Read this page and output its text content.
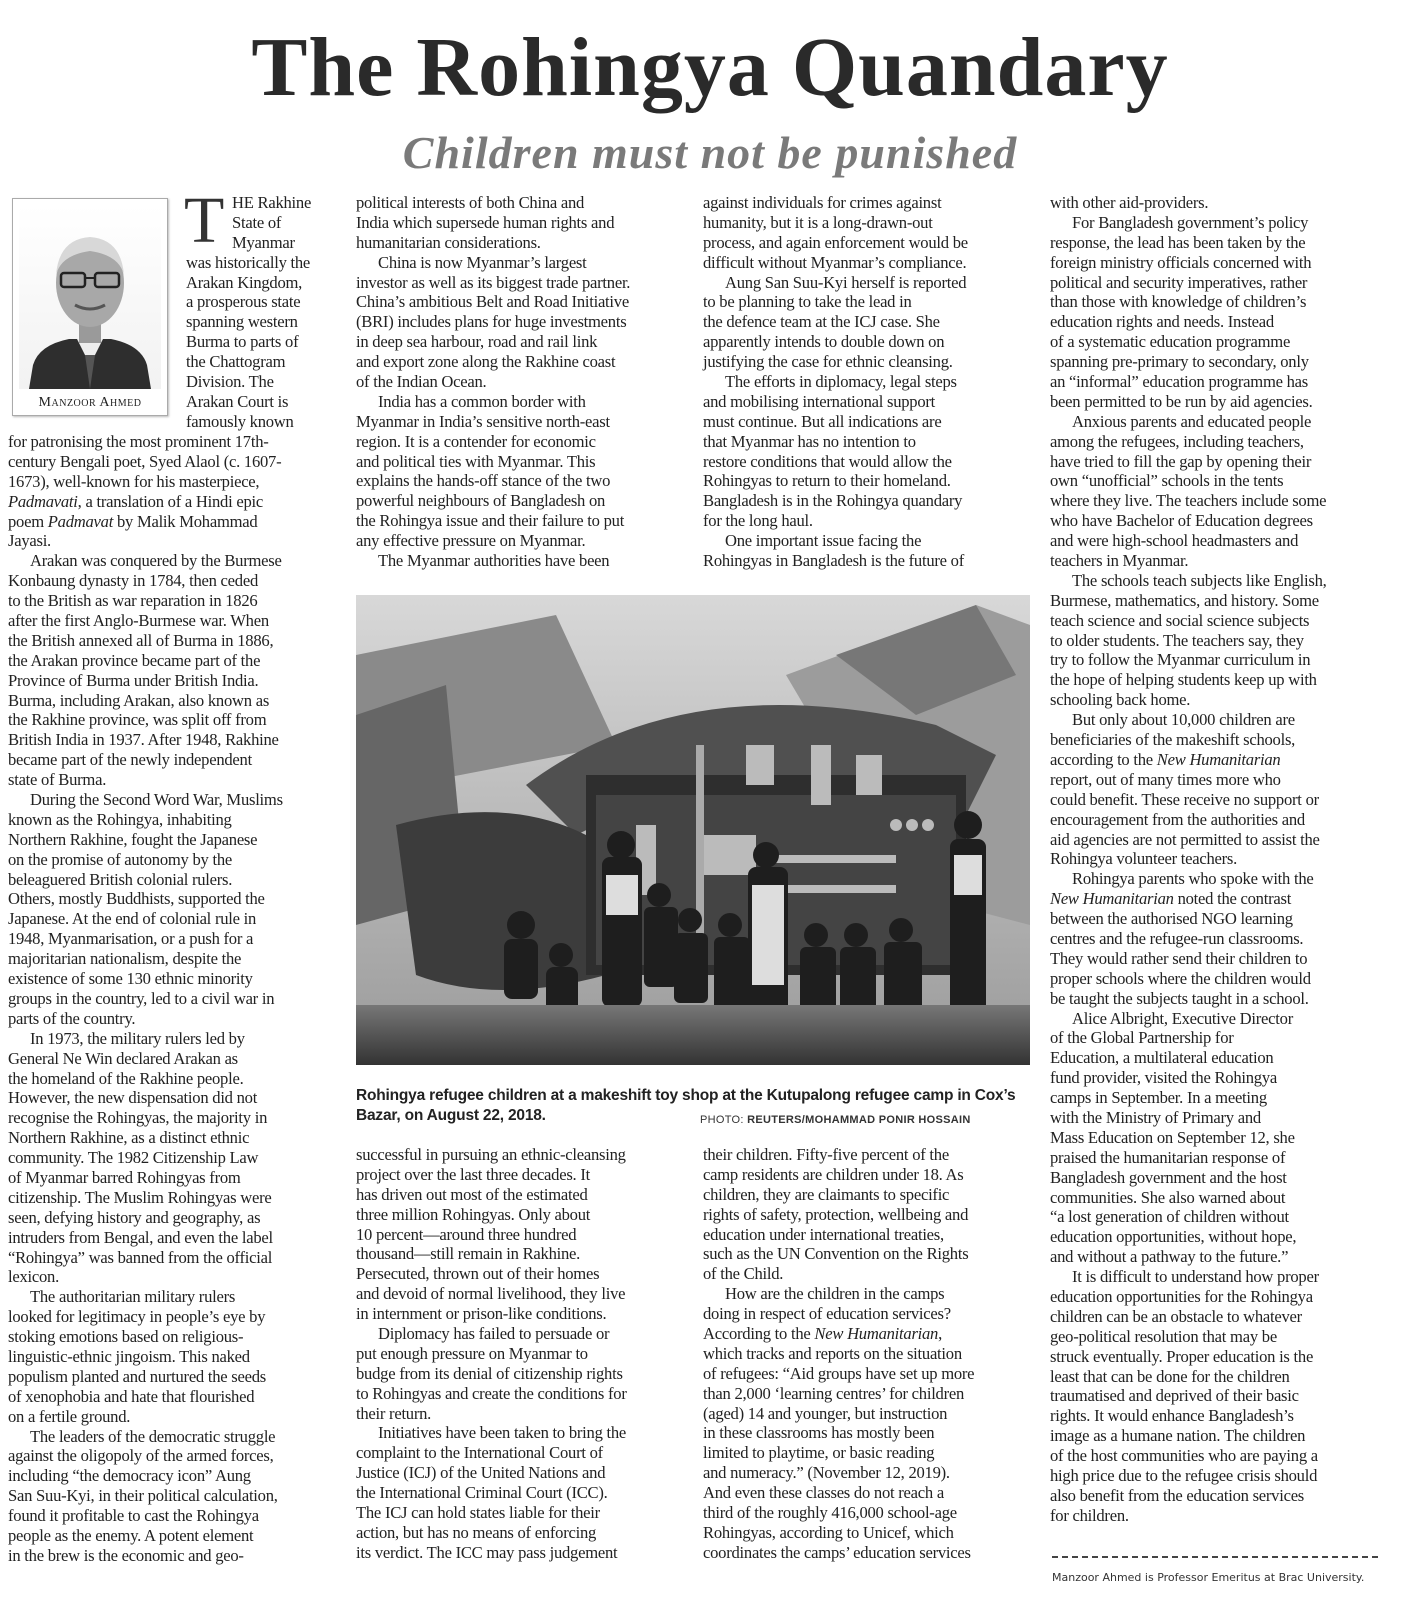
The Rohingya Quandary
Children must not be punished
Manzoor Ahmed
T HE Rakhine
State of
Myanmar
was historically the
Arakan Kingdom,
a prosperous state
spanning western
Burma to parts of
the Chattogram
Division. The
Arakan Court is
famously known
for patronising the most prominent 17th-
century Bengali poet, Syed Alaol (c. 1607-
1673), well-known for his masterpiece,
Padmavati, a translation of a Hindi epic
poem Padmavat by Malik Mohammad
Jayasi.
Arakan was conquered by the Burmese
Konbaung dynasty in 1784, then ceded
to the British as war reparation in 1826
after the first Anglo-Burmese war. When
the British annexed all of Burma in 1886,
the Arakan province became part of the
Province of Burma under British India.
Burma, including Arakan, also known as
the Rakhine province, was split off from
British India in 1937. After 1948, Rakhine
became part of the newly independent
state of Burma.
During the Second Word War, Muslims
known as the Rohingya, inhabiting
Northern Rakhine, fought the Japanese
on the promise of autonomy by the
beleaguered British colonial rulers.
Others, mostly Buddhists, supported the
Japanese. At the end of colonial rule in
1948, Myanmarisation, or a push for a
majoritarian nationalism, despite the
existence of some 130 ethnic minority
groups in the country, led to a civil war in
parts of the country.
In 1973, the military rulers led by
General Ne Win declared Arakan as
the homeland of the Rakhine people.
However, the new dispensation did not
recognise the Rohingyas, the majority in
Northern Rakhine, as a distinct ethnic
community. The 1982 Citizenship Law
of Myanmar barred Rohingyas from
citizenship. The Muslim Rohingyas were
seen, defying history and geography, as
intruders from Bengal, and even the label
“Rohingya” was banned from the official
lexicon.
The authoritarian military rulers
looked for legitimacy in people’s eye by
stoking emotions based on religious-
linguistic-ethnic jingoism. This naked
populism planted and nurtured the seeds
of xenophobia and hate that flourished
on a fertile ground.
The leaders of the democratic struggle
against the oligopoly of the armed forces,
including “the democracy icon” Aung
San Suu-Kyi, in their political calculation,
found it profitable to cast the Rohingya
people as the enemy. A potent element
in the brew is the economic and geo-
political interests of both China and
India which supersede human rights and
humanitarian considerations.
China is now Myanmar’s largest
investor as well as its biggest trade partner.
China’s ambitious Belt and Road Initiative
(BRI) includes plans for huge investments
in deep sea harbour, road and rail link
and export zone along the Rakhine coast
of the Indian Ocean.
India has a common border with
Myanmar in India’s sensitive north-east
region. It is a contender for economic
and political ties with Myanmar. This
explains the hands-off stance of the two
powerful neighbours of Bangladesh on
the Rohingya issue and their failure to put
any effective pressure on Myanmar.
The Myanmar authorities have been
against individuals for crimes against
humanity, but it is a long-drawn-out
process, and again enforcement would be
difficult without Myanmar’s compliance.
Aung San Suu-Kyi herself is reported
to be planning to take the lead in
the defence team at the ICJ case. She
apparently intends to double down on
justifying the case for ethnic cleansing.
The efforts in diplomacy, legal steps
and mobilising international support
must continue. But all indications are
that Myanmar has no intention to
restore conditions that would allow the
Rohingyas to return to their homeland.
Bangladesh is in the Rohingya quandary
for the long haul.
One important issue facing the
Rohingyas in Bangladesh is the future of
successful in pursuing an ethnic-cleansing
project over the last three decades. It
has driven out most of the estimated
three million Rohingyas. Only about
10 percent—around three hundred
thousand—still remain in Rakhine.
Persecuted, thrown out of their homes
and devoid of normal livelihood, they live
in internment or prison-like conditions.
Diplomacy has failed to persuade or
put enough pressure on Myanmar to
budge from its denial of citizenship rights
to Rohingyas and create the conditions for
their return.
Initiatives have been taken to bring the
complaint to the International Court of
Justice (ICJ) of the United Nations and
the International Criminal Court (ICC).
The ICJ can hold states liable for their
action, but has no means of enforcing
its verdict. The ICC may pass judgement
their children. Fifty-five percent of the
camp residents are children under 18. As
children, they are claimants to specific
rights of safety, protection, wellbeing and
education under international treaties,
such as the UN Convention on the Rights
of the Child.
How are the children in the camps
doing in respect of education services?
According to the New Humanitarian,
which tracks and reports on the situation
of refugees: “Aid groups have set up more
than 2,000 ‘learning centres’ for children
(aged) 14 and younger, but instruction
in these classrooms has mostly been
limited to playtime, or basic reading
and numeracy.” (November 12, 2019).
And even these classes do not reach a
third of the roughly 416,000 school-age
Rohingyas, according to Unicef, which
coordinates the camps’ education services
with other aid-providers.
For Bangladesh government’s policy
response, the lead has been taken by the
foreign ministry officials concerned with
political and security imperatives, rather
than those with knowledge of children’s
education rights and needs. Instead
of a systematic education programme
spanning pre-primary to secondary, only
an “informal” education programme has
been permitted to be run by aid agencies.
Anxious parents and educated people
among the refugees, including teachers,
have tried to fill the gap by opening their
own “unofficial” schools in the tents
where they live. The teachers include some
who have Bachelor of Education degrees
and were high-school headmasters and
teachers in Myanmar.
The schools teach subjects like English,
Burmese, mathematics, and history. Some
teach science and social science subjects
to older students. The teachers say, they
try to follow the Myanmar curriculum in
the hope of helping students keep up with
schooling back home.
But only about 10,000 children are
beneficiaries of the makeshift schools,
according to the New Humanitarian
report, out of many times more who
could benefit. These receive no support or
encouragement from the authorities and
aid agencies are not permitted to assist the
Rohingya volunteer teachers.
Rohingya parents who spoke with the
New Humanitarian noted the contrast
between the authorised NGO learning
centres and the refugee-run classrooms.
They would rather send their children to
proper schools where the children would
be taught the subjects taught in a school.
Alice Albright, Executive Director
of the Global Partnership for
Education, a multilateral education
fund provider, visited the Rohingya
camps in September. In a meeting
with the Ministry of Primary and
Mass Education on September 12, she
praised the humanitarian response of
Bangladesh government and the host
communities. She also warned about
“a lost generation of children without
education opportunities, without hope,
and without a pathway to the future.”
It is difficult to understand how proper
education opportunities for the Rohingya
children can be an obstacle to whatever
geo-political resolution that may be
struck eventually. Proper education is the
least that can be done for the children
traumatised and deprived of their basic
rights. It would enhance Bangladesh’s
image as a humane nation. The children
of the host communities who are paying a
high price due to the refugee crisis should
also benefit from the education services
for children.
Rohingya refugee children at a makeshift toy shop at the Kutupalong refugee camp in Cox’s Bazar, on August 22, 2018.	PHOTO: REUTERS/MOHAMMAD PONIR HOSSAIN
Manzoor Ahmed is Professor Emeritus at Brac University.
